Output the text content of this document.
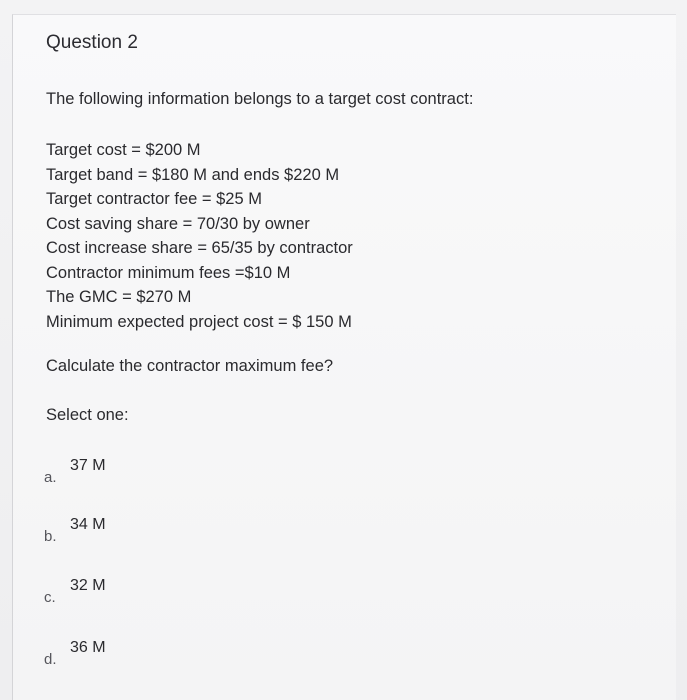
Question 2

The following information belongs to a target cost contract:

Target cost = $200 M
Target band = $180 M and ends $220 M
Target contractor fee = $25 M
Cost saving share = 70/30 by owner
Cost increase share = 65/35 by contractor
Contractor minimum fees =$10 M
The GMC = $270 M
Minimum expected project cost = $ 150 M

Calculate the contractor maximum fee?

Select one:

a.
37 M
b.
34 M
c.
32 M
d.
36 M
